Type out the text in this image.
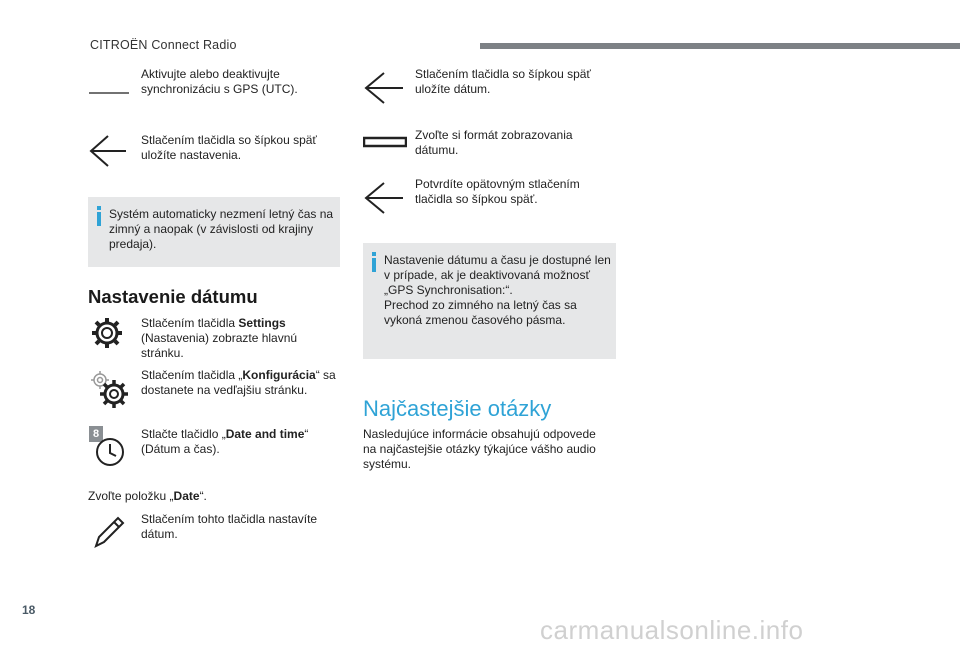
CITROËN Connect Radio
Aktivujte alebo deaktivujte synchronizáciu s GPS (UTC).
Stlačením tlačidla so šípkou späť uložíte nastavenia.
Systém automaticky nezmení letný čas na zimný a naopak (v závislosti od krajiny predaja).
Nastavenie dátumu
Stlačením tlačidla Settings (Nastavenia) zobrazte hlavnú stránku.
Stlačením tlačidla „Konfigurácia“ sa dostanete na vedľajšiu stránku.
8	Stlačte tlačidlo „Date and time“ (Dátum a čas).
Zvoľte položku „Date“.
Stlačením tohto tlačidla nastavíte dátum.
Stlačením tlačidla so šípkou späť uložíte dátum.
Zvoľte si formát zobrazovania dátumu.
Potvrdíte opätovným stlačením tlačidla so šípkou späť.
Nastavenie dátumu a času je dostupné len v prípade, ak je deaktivovaná možnosť „GPS Synchronisation:“.
Prechod zo zimného na letný čas sa vykoná zmenou časového pásma.
Najčastejšie otázky
Nasledujúce informácie obsahujú odpovede na najčastejšie otázky týkajúce vášho audio systému.
18
carmanualsonline.info
